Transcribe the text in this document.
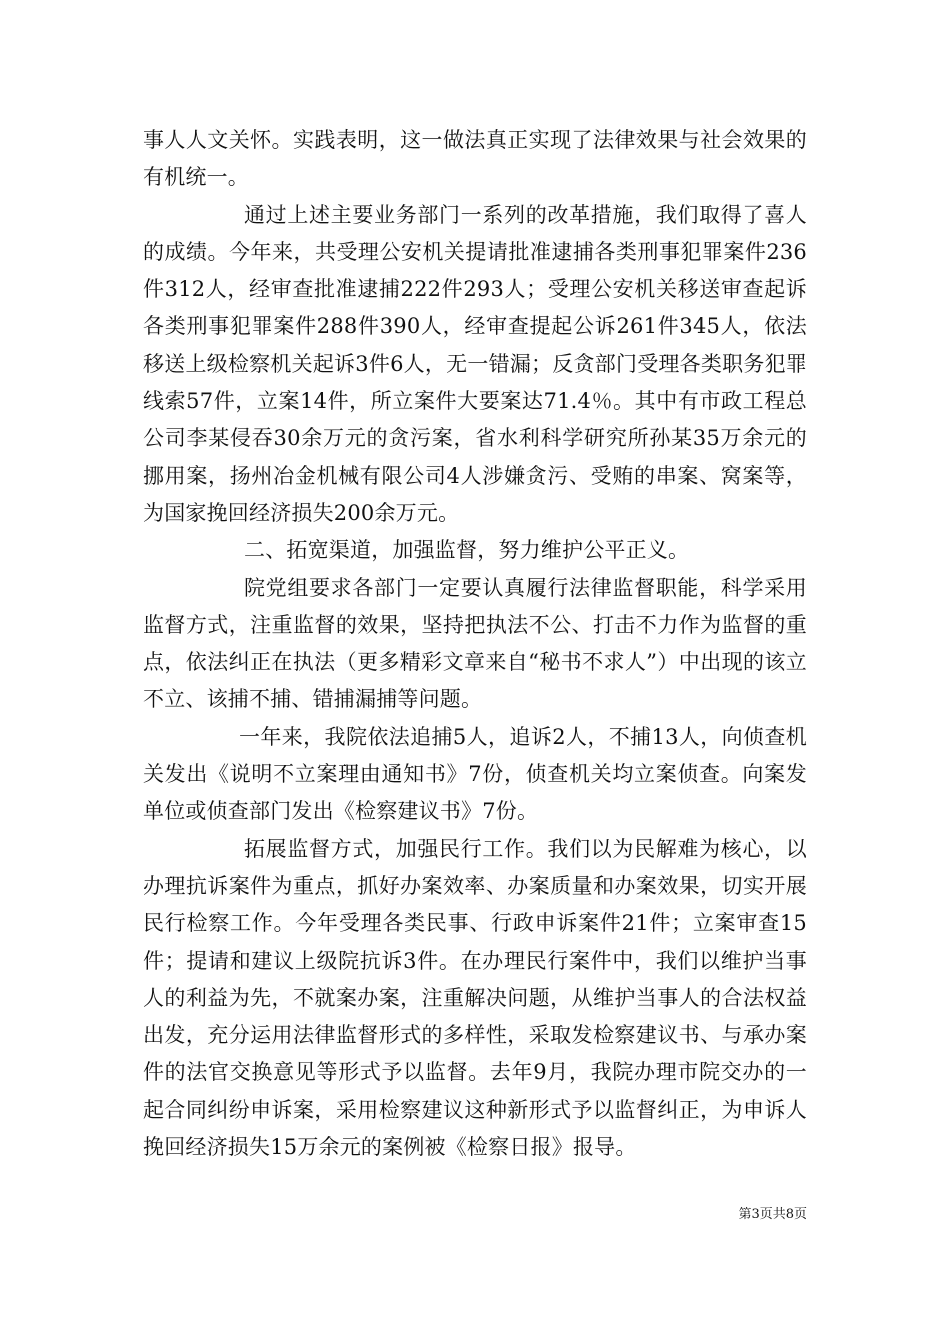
事人人文关怀。实践表明，这一做法真正实现了法律效果与社会效果的有机统一。

通过上述主要业务部门一系列的改革措施，我们取得了喜人的成绩。今年来，共受理公安机关提请批准逮捕各类刑事犯罪案件236件312人，经审查批准逮捕222件293人；受理公安机关移送审查起诉各类刑事犯罪案件288件390人，经审查提起公诉261件345人，依法移送上级检察机关起诉3件6人，无一错漏；反贪部门受理各类职务犯罪线索57件，立案14件，所立案件大要案达71.4％。其中有市政工程总公司李某侵吞30余万元的贪污案，省水利科学研究所孙某35万余元的挪用案，扬州冶金机械有限公司4人涉嫌贪污、受贿的串案、窝案等，为国家挽回经济损失200余万元。

二、拓宽渠道，加强监督，努力维护公平正义。

院党组要求各部门一定要认真履行法律监督职能，科学采用监督方式，注重监督的效果，坚持把执法不公、打击不力作为监督的重点，依法纠正在执法（更多精彩文章来自“秘书不求人”）中出现的该立不立、该捕不捕、错捕漏捕等问题。

一年来，我院依法追捕5人，追诉2人，不捕13人，向侦查机关发出《说明不立案理由通知书》7份，侦查机关均立案侦查。向案发单位或侦查部门发出《检察建议书》7份。

拓展监督方式，加强民行工作。我们以为民解难为核心，以办理抗诉案件为重点，抓好办案效率、办案质量和办案效果，切实开展民行检察工作。今年受理各类民事、行政申诉案件21件；立案审查15件；提请和建议上级院抗诉3件。在办理民行案件中，我们以维护当事人的利益为先，不就案办案，注重解决问题，从维护当事人的合法权益出发，充分运用法律监督形式的多样性，采取发检察建议书、与承办案件的法官交换意见等形式予以监督。去年9月，我院办理市院交办的一起合同纠纷申诉案，采用检察建议这种新形式予以监督纠正，为申诉人挽回经济损失15万余元的案例被《检察日报》报导。

第3页共8页
